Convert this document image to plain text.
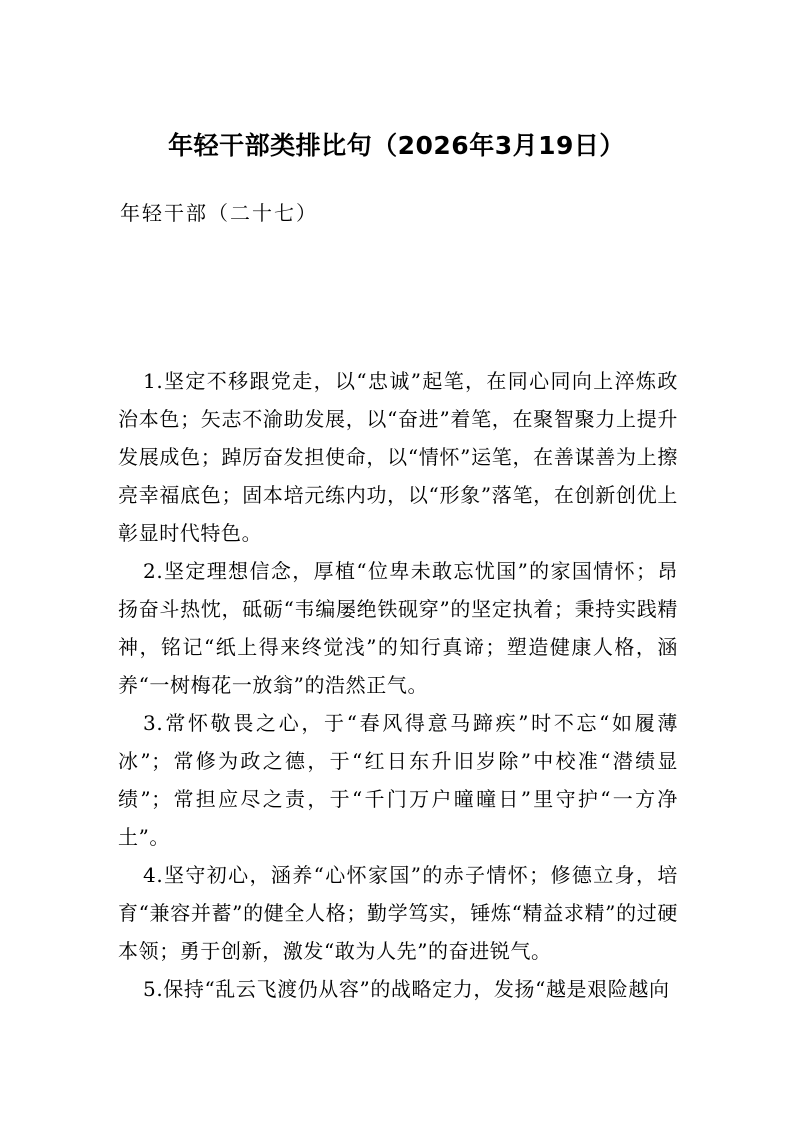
年轻干部类排比句（2026年3月19日）

年轻干部（二十七）

1.坚定不移跟党走，以“忠诚”起笔，在同心同向上淬炼政治本色；矢志不渝助发展，以“奋进”着笔，在聚智聚力上提升发展成色；踔厉奋发担使命，以“情怀”运笔，在善谋善为上擦亮幸福底色；固本培元练内功，以“形象”落笔，在创新创优上彰显时代特色。

2.坚定理想信念，厚植“位卑未敢忘忧国”的家国情怀；昂扬奋斗热忱，砥砺“韦编屡绝铁砚穿”的坚定执着；秉持实践精神，铭记“纸上得来终觉浅”的知行真谛；塑造健康人格，涵养“一树梅花一放翁”的浩然正气。

3.常怀敬畏之心，于“春风得意马蹄疾”时不忘“如履薄冰”；常修为政之德，于“红日东升旧岁除”中校准“潜绩显绩”；常担应尽之责，于“千门万户曈曈日”里守护“一方净土”。

4.坚守初心，涵养“心怀家国”的赤子情怀；修德立身，培育“兼容并蓄”的健全人格；勤学笃实，锤炼“精益求精”的过硬本领；勇于创新，激发“敢为人先”的奋进锐气。

5.保持“乱云飞渡仍从容”的战略定力，发扬“越是艰险越向
